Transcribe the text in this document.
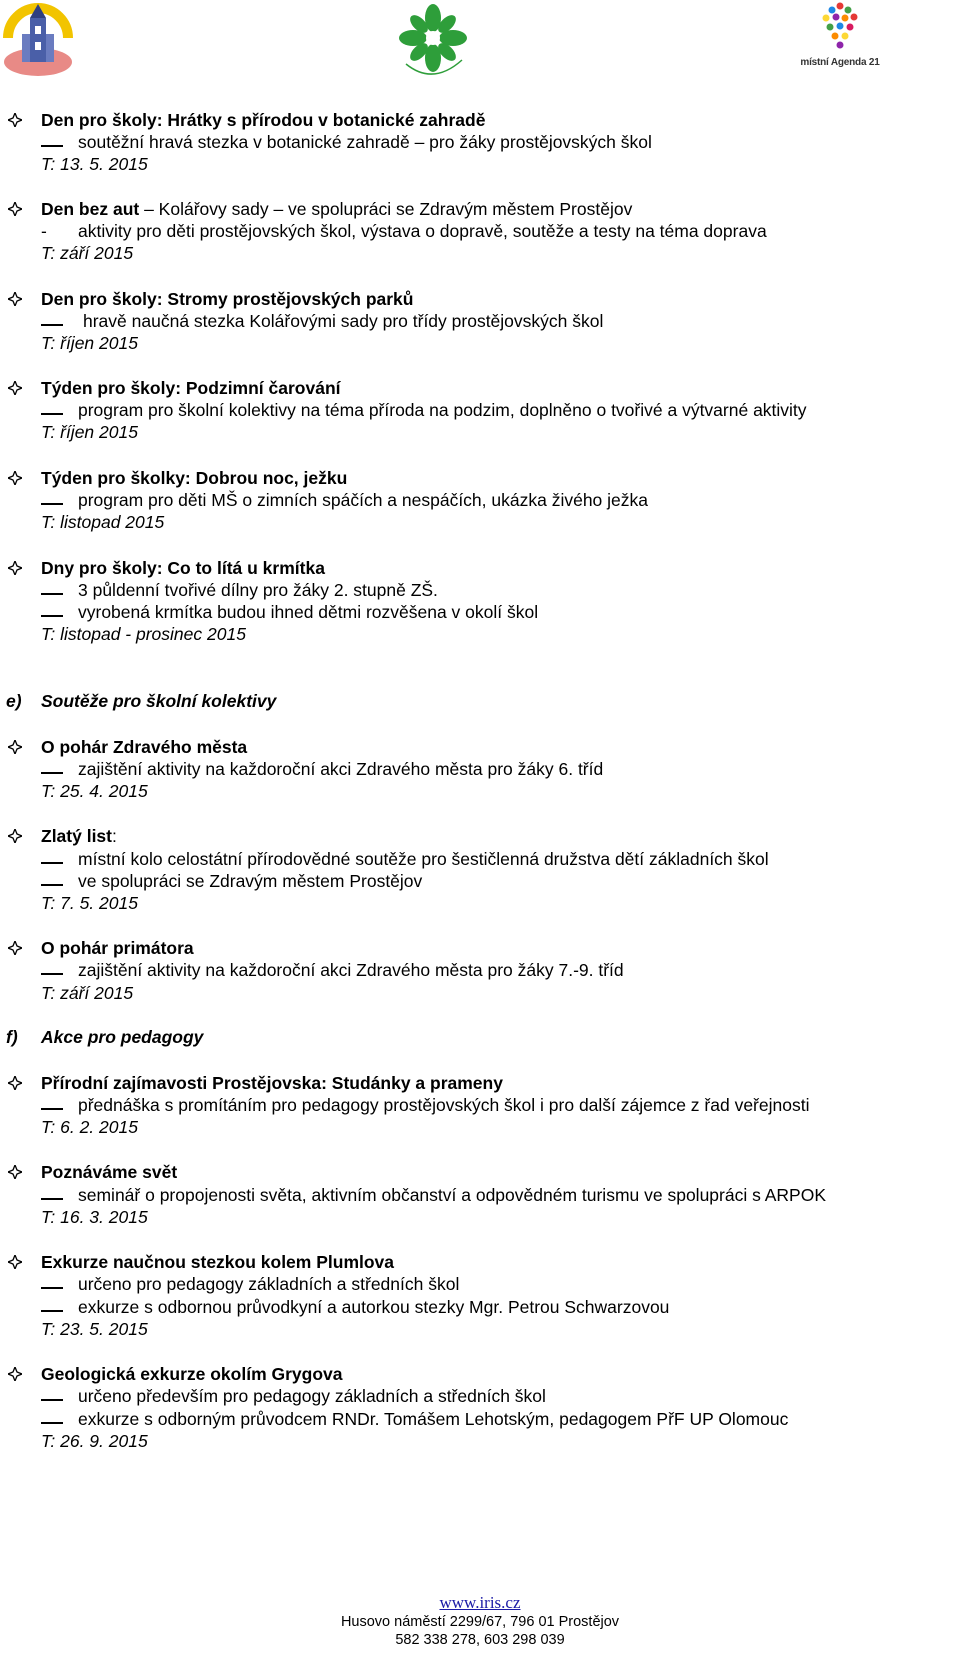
místní Agenda 21
Den pro školy: Hrátky s přírodou v botanické zahradě
soutěžní hravá stezka v botanické zahradě – pro žáky prostějovských škol
T: 13. 5. 2015
Den bez aut – Kolářovy sady – ve spolupráci se Zdravým městem Prostějov
- aktivity pro děti prostějovských škol, výstava o dopravě, soutěže a testy na téma doprava
T: září 2015
Den pro školy: Stromy prostějovských parků
hravě naučná stezka Kolářovými sady pro třídy prostějovských škol
T: říjen 2015
Týden pro školy: Podzimní čarování
program pro školní kolektivy na téma příroda na podzim, doplněno o tvořivé a výtvarné aktivity
T: říjen 2015
Týden pro školky: Dobrou noc, ježku
program pro děti MŠ o zimních spáčích a nespáčích, ukázka živého ježka
T: listopad 2015
Dny pro školy: Co to lítá u krmítka
3 půldenní tvořivé dílny pro žáky 2. stupně ZŠ.
vyrobená krmítka budou ihned dětmi rozvěšena v okolí škol
T: listopad - prosinec 2015
e) Soutěže pro školní kolektivy
O pohár Zdravého města
zajištění aktivity na každoroční akci Zdravého města pro žáky 6. tříd
T: 25. 4. 2015
Zlatý list:
místní kolo celostátní přírodovědné soutěže pro šestičlenná družstva dětí základních škol
ve spolupráci se Zdravým městem Prostějov
T: 7. 5. 2015
O pohár primátora
zajištění aktivity na každoroční akci Zdravého města pro žáky 7.-9. tříd
T: září 2015
f) Akce pro pedagogy
Přírodní zajímavosti Prostějovska: Studánky a prameny
přednáška s promítáním pro pedagogy prostějovských škol i pro další zájemce z řad veřejnosti
T: 6. 2. 2015
Poznáváme svět
seminář o propojenosti světa, aktivním občanství a odpovědném turismu ve spolupráci s ARPOK
T: 16. 3. 2015
Exkurze naučnou stezkou kolem Plumlova
určeno pro pedagogy základních a středních škol
exkurze s odbornou průvodkyní a autorkou stezky Mgr. Petrou Schwarzovou
T: 23. 5. 2015
Geologická exkurze okolím Grygova
určeno především pro pedagogy základních a středních škol
exkurze s odborným průvodcem RNDr. Tomášem Lehotským, pedagogem PřF UP Olomouc
T: 26. 9. 2015
www.iris.cz
Husovo náměstí 2299/67, 796 01 Prostějov
582 338 278, 603 298 039
